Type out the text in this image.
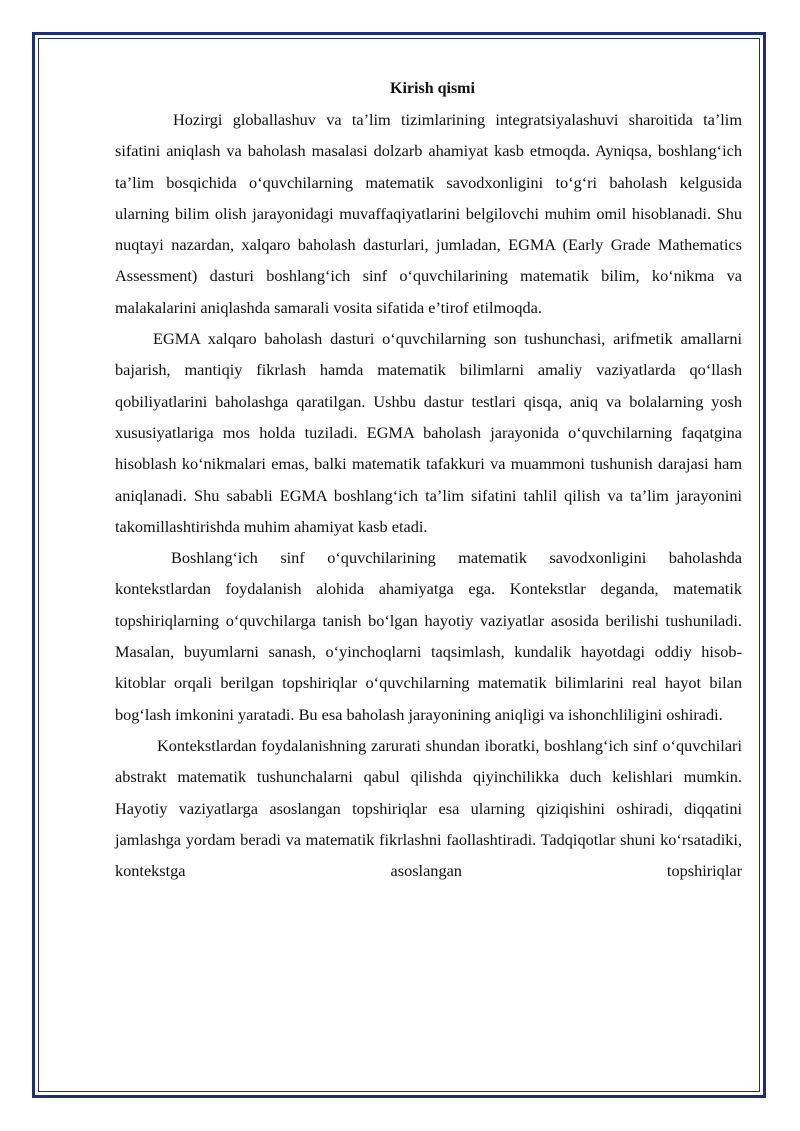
Kirish qismi

Hozirgi globallashuv va ta’lim tizimlarining integratsiyalashuvi sharoitida ta’lim sifatini aniqlash va baholash masalasi dolzarb ahamiyat kasb etmoqda. Ayniqsa, boshlang‘ich ta’lim bosqichida o‘quvchilarning matematik savodxonligini to‘g‘ri baholash kelgusida ularning bilim olish jarayonidagi muvaffaqiyatlarini belgilovchi muhim omil hisoblanadi. Shu nuqtayi nazardan, xalqaro baholash dasturlari, jumladan, EGMA (Early Grade Mathematics Assessment) dasturi boshlang‘ich sinf o‘quvchilarining matematik bilim, ko‘nikma va malakalarini aniqlashda samarali vosita sifatida e’tirof etilmoqda.

EGMA xalqaro baholash dasturi o‘quvchilarning son tushunchasi, arifmetik amallarni bajarish, mantiqiy fikrlash hamda matematik bilimlarni amaliy vaziyatlarda qo‘llash qobiliyatlarini baholashga qaratilgan. Ushbu dastur testlari qisqa, aniq va bolalarning yosh xususiyatlariga mos holda tuziladi. EGMA baholash jarayonida o‘quvchilarning faqatgina hisoblash ko‘nikmalari emas, balki matematik tafakkuri va muammoni tushunish darajasi ham aniqlanadi. Shu sababli EGMA boshlang‘ich ta’lim sifatini tahlil qilish va ta’lim jarayonini takomillashtirishda muhim ahamiyat kasb etadi.

Boshlang‘ich sinf o‘quvchilarining matematik savodxonligini baholashda kontekstlardan foydalanish alohida ahamiyatga ega. Kontekstlar deganda, matematik topshiriqlarning o‘quvchilarga tanish bo‘lgan hayotiy vaziyatlar asosida berilishi tushuniladi. Masalan, buyumlarni sanash, o‘yinchoqlarni taqsimlash, kundalik hayotdagi oddiy hisob-kitoblar orqali berilgan topshiriqlar o‘quvchilarning matematik bilimlarini real hayot bilan bog‘lash imkonini yaratadi. Bu esa baholash jarayonining aniqligi va ishonchliligini oshiradi.

Kontekstlardan foydalanishning zarurati shundan iboratki, boshlang‘ich sinf o‘quvchilari abstrakt matematik tushunchalarni qabul qilishda qiyinchilikka duch kelishlari mumkin. Hayotiy vaziyatlarga asoslangan topshiriqlar esa ularning qiziqishini oshiradi, diqqatini jamlashga yordam beradi va matematik fikrlashni faollashtiradi. Tadqiqotlar shuni ko‘rsatadiki, kontekstga asoslangan topshiriqlar
